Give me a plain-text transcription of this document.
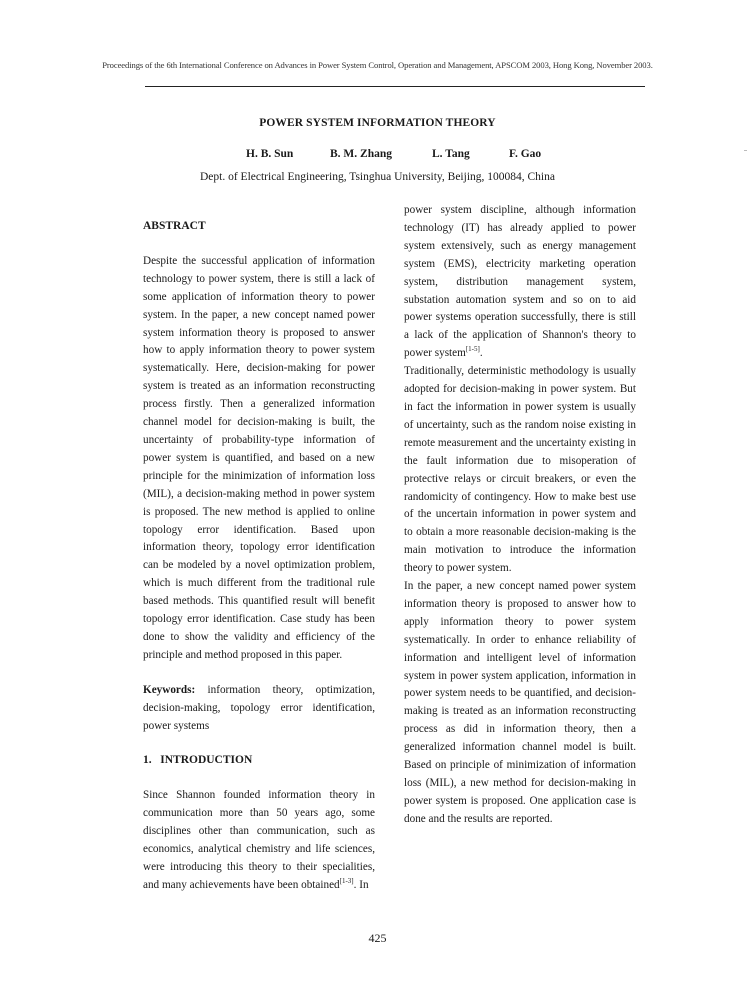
Proceedings of the 6th International Conference on Advances in Power System Control, Operation and Management, APSCOM 2003, Hong Kong, November 2003.
POWER SYSTEM INFORMATION THEORY
H. B. Sun	B. M. Zhang	L. Tang	F. Gao
Dept. of Electrical Engineering, Tsinghua University, Beijing, 100084, China

ABSTRACT

Despite the successful application of information technology to power system, there is still a lack of some application of information theory to power system. In the paper, a new concept named power system information theory is proposed to answer how to apply information theory to power system systematically. Here, decision-making for power system is treated as an information reconstructing process firstly. Then a generalized information channel model for decision-making is built, the uncertainty of probability-type information of power system is quantified, and based on a new principle for the minimization of information loss (MIL), a decision-making method in power system is proposed. The new method is applied to online topology error identification. Based upon information theory, topology error identification can be modeled by a novel optimization problem, which is much different from the traditional rule based methods. This quantified result will benefit topology error identification. Case study has been done to show the validity and efficiency of the principle and method proposed in this paper.

Keywords: information theory, optimization, decision-making, topology error identification, power systems

1.   INTRODUCTION

Since Shannon founded information theory in communication more than 50 years ago, some disciplines other than communication, such as economics, analytical chemistry and life sciences, were introducing this theory to their specialities, and many achievements have been obtained[1-3]. In

power system discipline, although information technology (IT) has already applied to power system extensively, such as energy management system (EMS), electricity marketing operation system, distribution management system, substation automation system and so on to aid power systems operation successfully, there is still a lack of the application of Shannon's theory to power system[1-5].

Traditionally, deterministic methodology is usually adopted for decision-making in power system. But in fact the information in power system is usually of uncertainty, such as the random noise existing in remote measurement and the uncertainty existing in the fault information due to misoperation of protective relays or circuit breakers, or even the randomicity of contingency. How to make best use of the uncertain information in power system and to obtain a more reasonable decision-making is the main motivation to introduce the information theory to power system.

In the paper, a new concept named power system information theory is proposed to answer how to apply information theory to power system systematically. In order to enhance reliability of information and intelligent level of information system in power system application, information in power system needs to be quantified, and decision-making is treated as an information reconstructing process as did in information theory, then a generalized information channel model is built. Based on principle of minimization of information loss (MIL), a new method for decision-making in power system is proposed. One application case is done and the results are reported.

425
